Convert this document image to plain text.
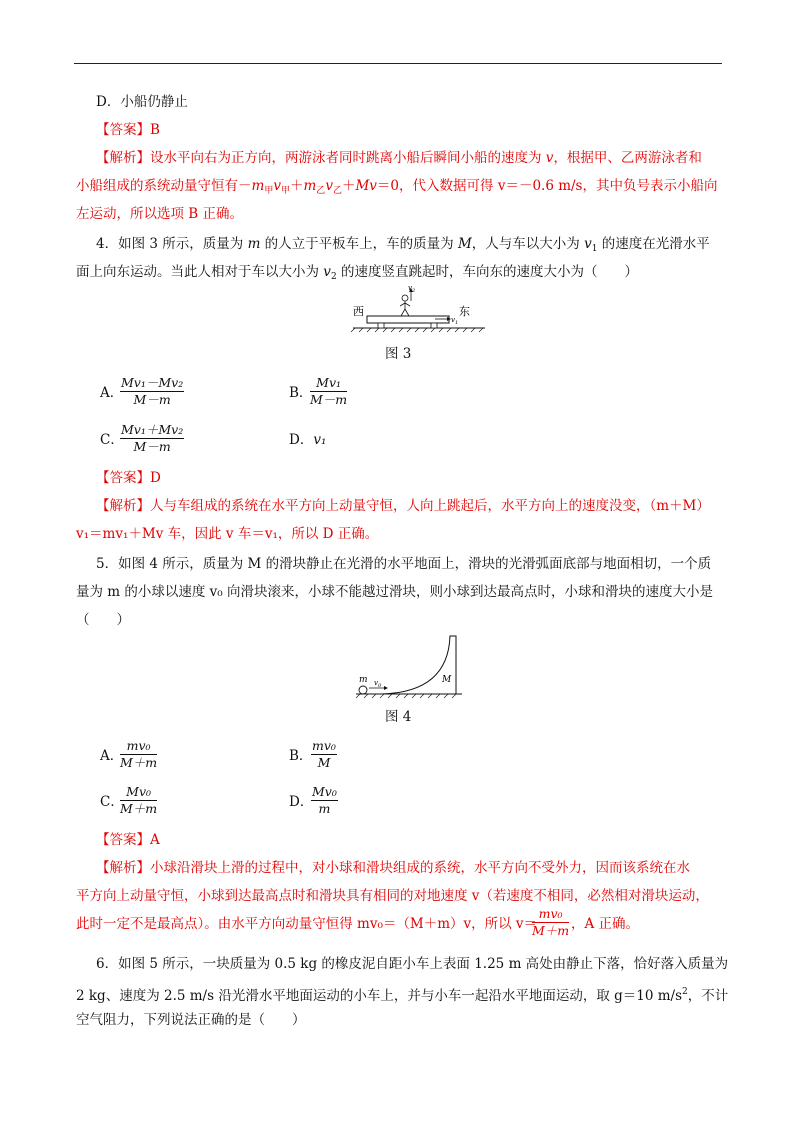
D．小船仍静止
【答案】B
【解析】设水平向右为正方向，两游泳者同时跳离小船后瞬间小船的速度为 v，根据甲、乙两游泳者和
小船组成的系统动量守恒有$-m_甲v_甲+m_乙v_乙+Mv=0$，代入数据可得 v＝－0.6 m/s，其中负号表示小船向
左运动，所以选项 B 正确。
4．如图 3 所示，质量为 m 的人立于平板车上，车的质量为 M，人与车以大小为 $v_1$ 的速度在光滑水平
面上向东运动。当此人相对于车以大小为 $v_2$ 的速度竖直跳起时，车向东的速度大小为（　　）
$v_2$
$v_1$
西	东
图 3
A．
$\frac{\text{Mv₁－Mv₂}}{M-m}$	B．
$\frac{\text{Mv₁}}{M-m}$
C．
$\frac{\text{Mv₁＋Mv₂}}{M-m}$	D．v₁
【答案】D
【解析】人与车组成的系统在水平方向上动量守恒，人向上跳起后，水平方向上的速度没变，（m＋M）
v₁＝mv₁＋Mv 车，因此 v 车＝v₁，所以 D 正确。
5．如图 4 所示，质量为 M 的滑块静止在光滑的水平地面上，滑块的光滑弧面底部与地面相切，一个质
量为 m 的小球以速度 v₀ 向滑块滚来，小球不能越过滑块，则小球到达最高点时，小球和滑块的速度大小是
（　　）
M
m $v_0$
图 4
A．
$\frac{\text{mv₀}}{M+m}$	B．
$\frac{\text{mv₀}}{M}$
C．
$\frac{\text{Mv₀}}{M+m}$	D．
$\frac{\text{Mv₀}}{m}$
【答案】A
【解析】小球沿滑块上滑的过程中，对小球和滑块组成的系统，水平方向不受外力，因而该系统在水
平方向上动量守恒，小球到达最高点时和滑块具有相同的对地速度 v（若速度不相同，必然相对滑块运动，
此时一定不是最高点）。由水平方向动量守恒得 mv₀＝（M＋m）v，所以 v＝
$\frac{\text{mv₀}}{M+m}$ ，A 正确。
6．如图 5 所示，一块质量为 0.5 kg 的橡皮泥自距小车上表面 1.25 m 高处由静止下落，恰好落入质量为
2 kg、速度为 2.5 m/s 沿光滑水平地面运动的小车上，并与小车一起沿水平地面运动，取 g＝10 $m/s^2$，不计
空气阻力，下列说法正确的是（　　）
